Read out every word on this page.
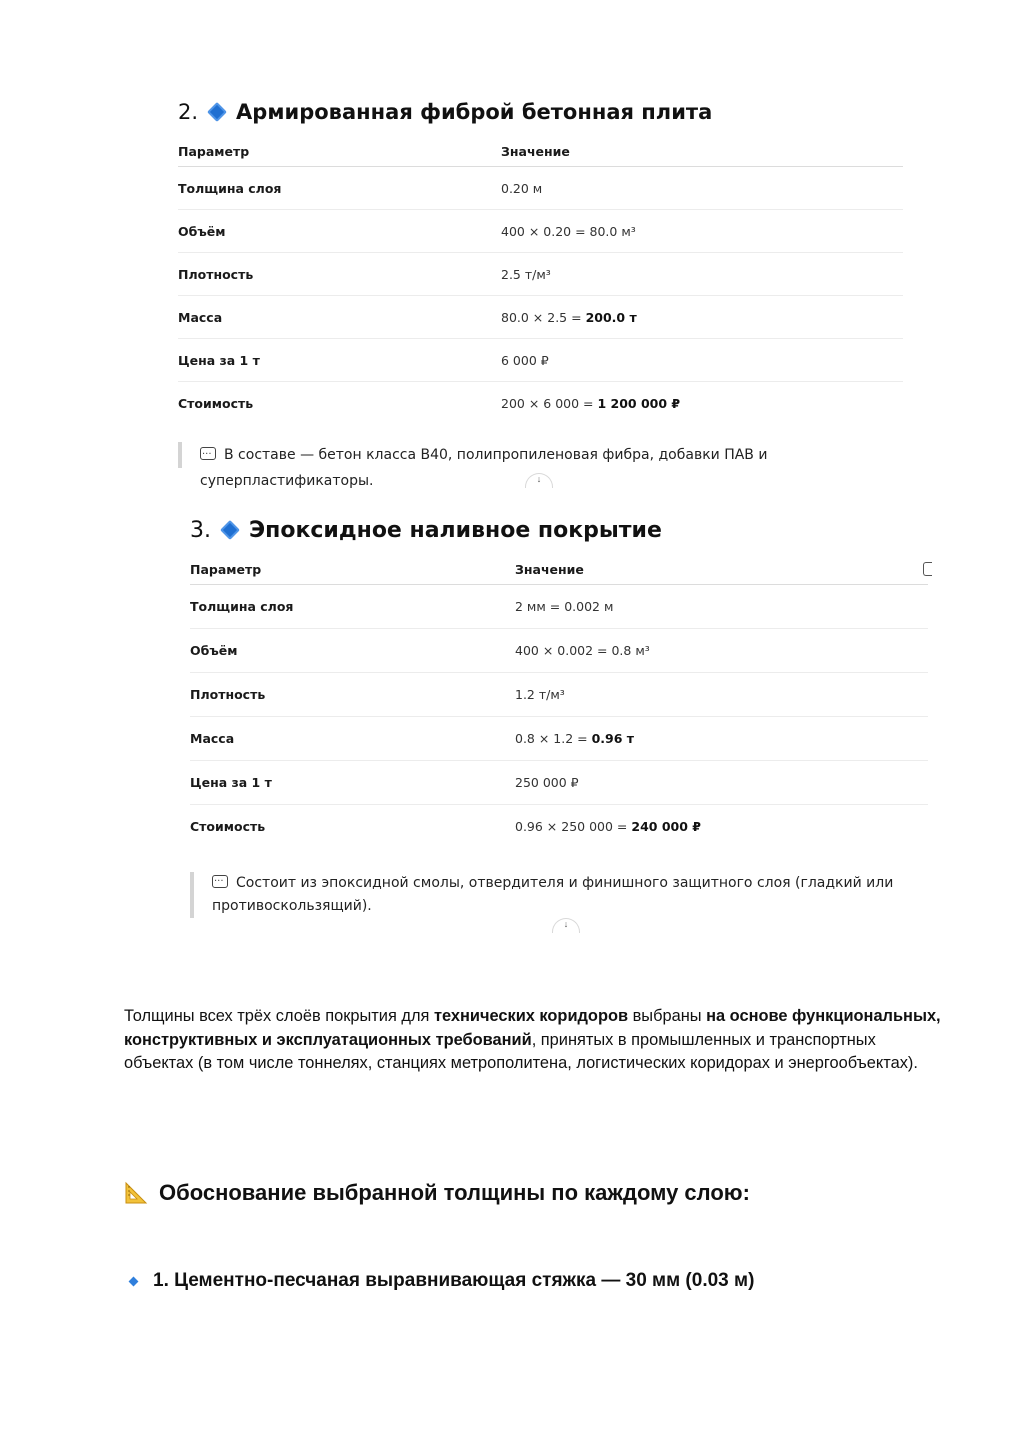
2. Армированная фиброй бетонная плита
Параметр	Значение
Толщина слоя	0.20 м
Объём	400 × 0.20 = 80.0 м³
Плотность	2.5 т/м³
Масса	80.0 × 2.5 = 200.0 т
Цена за 1 т	6 000 ₽
Стоимость	200 × 6 000 = 1 200 000 ₽
···В составе — бетон класса В40, полипропиленовая фибра, добавки ПАВ и суперпластификаторы.	↓
3. Эпоксидное наливное покрытие
Параметр	Значение
Толщина слоя	2 мм = 0.002 м
Объём	400 × 0.002 = 0.8 м³
Плотность	1.2 т/м³
Масса	0.8 × 1.2 = 0.96 т
Цена за 1 т	250 000 ₽
Стоимость	0.96 × 250 000 = 240 000 ₽
···Состоит из эпоксидной смолы, отвердителя и финишного защитного слоя (гладкий или
противоскользящий).
↓
Толщины всех трёх слоёв покрытия для технических коридоров выбраны на основе функциональных, конструктивных и эксплуатационных требований, принятых в промышленных и транспортных объектах (в том числе тоннелях, станциях метрополитена, логистических коридорах и энергообъектах).
Обоснование выбранной толщины по каждому слою:
1. Цементно-песчаная выравнивающая стяжка — 30 мм (0.03 м)
